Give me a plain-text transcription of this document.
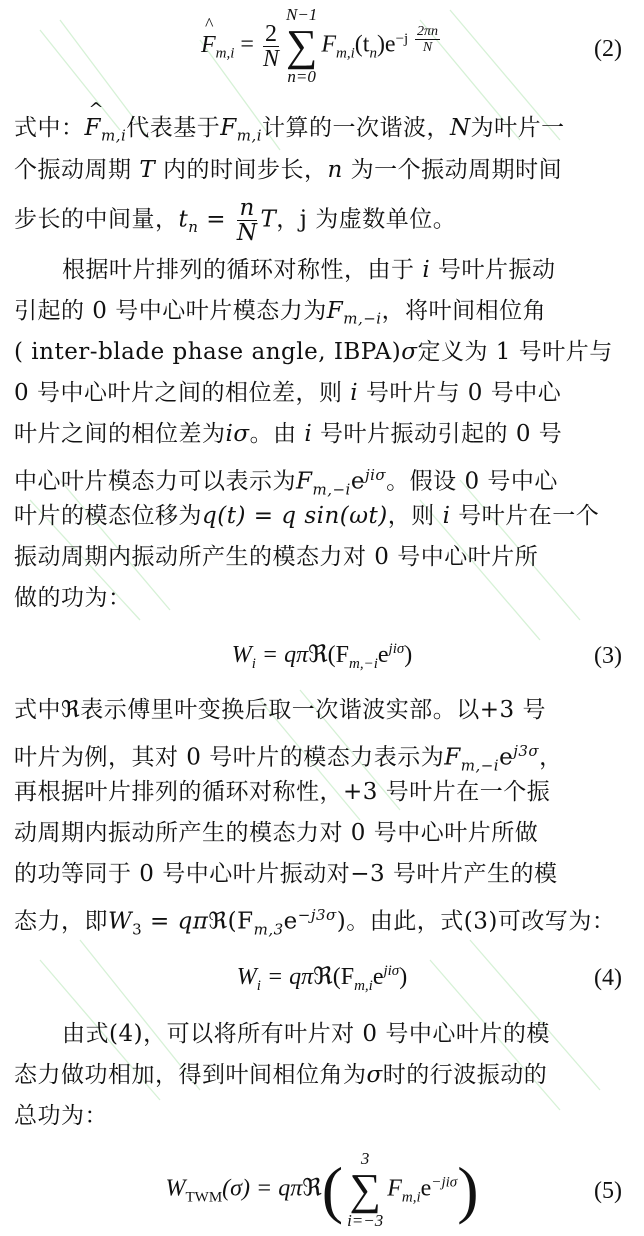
^
$F_{m,i} = \frac{2}{N}$
N−1
∑
n=0
$F_{m,i}(t_n)e^{-j \frac{2\pi n}{N}}$	(2)
式中：
^
$F_{m,i}$代表基于$F_{m,i}$计算的一次谐波，N为叶片一
个振动周期 T 内的时间步长，n 为一个振动周期时间
步长的中间量，$t_n = \frac{n}{N}$ T，j 为虚数单位。
根据叶片排列的循环对称性，由于 i 号叶片振动
引起的 0 号中心叶片模态力为$F_{m,-i}$，将叶间相位角
( inter-blade phase angle, IBPA)σ定义为 1 号叶片与
0 号中心叶片之间的相位差，则 i 号叶片与 0 号中心
叶片之间的相位差为iσ。由 i 号叶片振动引起的 0 号
中心叶片模态力可以表示为$F_{m,-i}e^{ji\sigma}$。假设 0 号中心
叶片的模态位移为q(t) = q sin(ωt)，则 i 号叶片在一个
振动周期内振动所产生的模态力对 0 号中心叶片所
做的功为：
$W_i$ = $q\pi ℜ(F_{m,-i}e^{ji\sigma})$	(3)
式中ℜ表示傅里叶变换后取一次谐波实部。以+3 号
叶片为例，其对 0 号叶片的模态力表示为$F_{m,-i}e^{j3\sigma}$，
再根据叶片排列的循环对称性，+3 号叶片在一个振
动周期内振动所产生的模态力对 0 号中心叶片所做
的功等同于 0 号中心叶片振动对−3 号叶片产生的模
态力，即$W_3$ = $q\pi ℜ(F_{m,3}e^{-j3\sigma})$。由此，式(3)可改写为：
$W_i$ = $q\pi ℜ(F_{m,i}e^{ji\sigma})$	(4)
由式(4)，可以将所有叶片对 0 号中心叶片的模
态力做功相加，得到叶间相位角为σ时的行波振动的
总功为：
$W_{TWM}(\sigma)$ = qπℜ(	3
∑
i=−3
$F_{m,i}e^{-ji\sigma}$)	(5)
